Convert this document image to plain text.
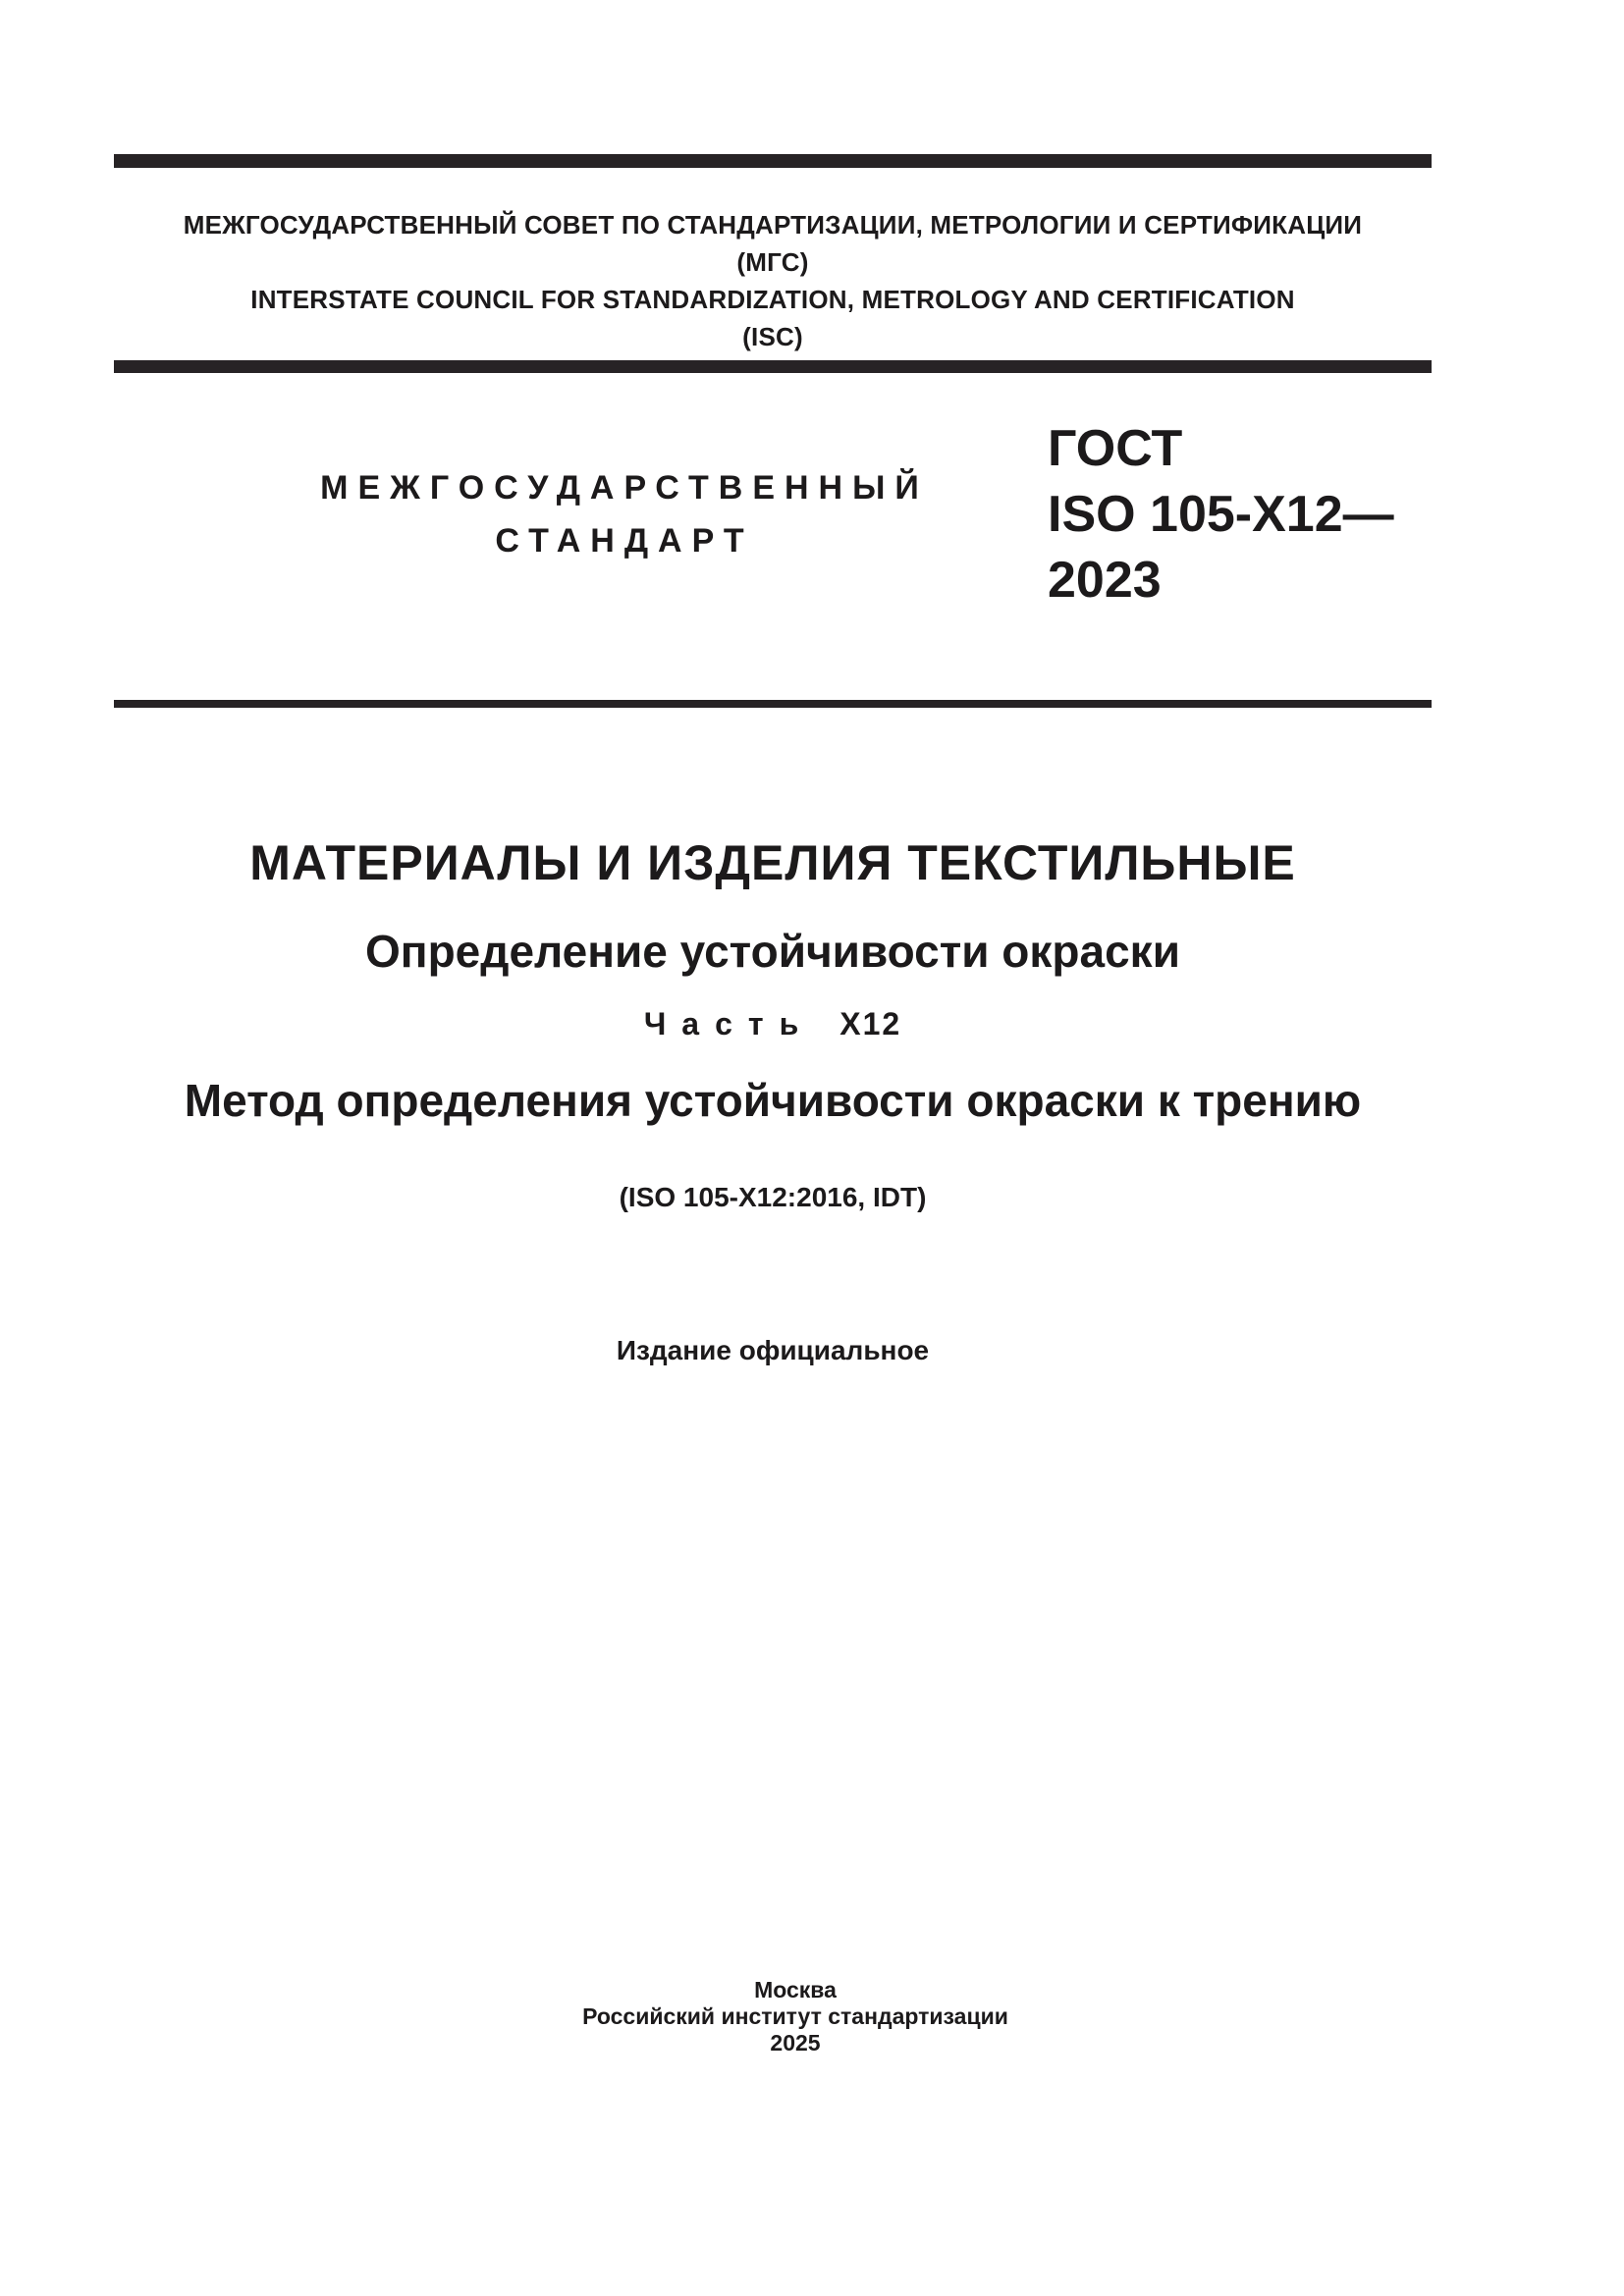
МЕЖГОСУДАРСТВЕННЫЙ СОВЕТ ПО СТАНДАРТИЗАЦИИ, МЕТРОЛОГИИ И СЕРТИФИКАЦИИ
(МГС)
INTERSTATE COUNCIL FOR STANDARDIZATION, METROLOGY AND CERTIFICATION
(ISC)
МЕЖГОСУДАРСТВЕННЫЙ
СТАНДАРТ
ГОСТ
ISO 105-Х12—
2023
МАТЕРИАЛЫ И ИЗДЕЛИЯ ТЕКСТИЛЬНЫЕ
Определение устойчивости окраски
Часть Х12
Метод определения устойчивости окраски к трению
(ISO 105-X12:2016, IDT)
Издание официальное
Москва
Российский институт стандартизации
2025
